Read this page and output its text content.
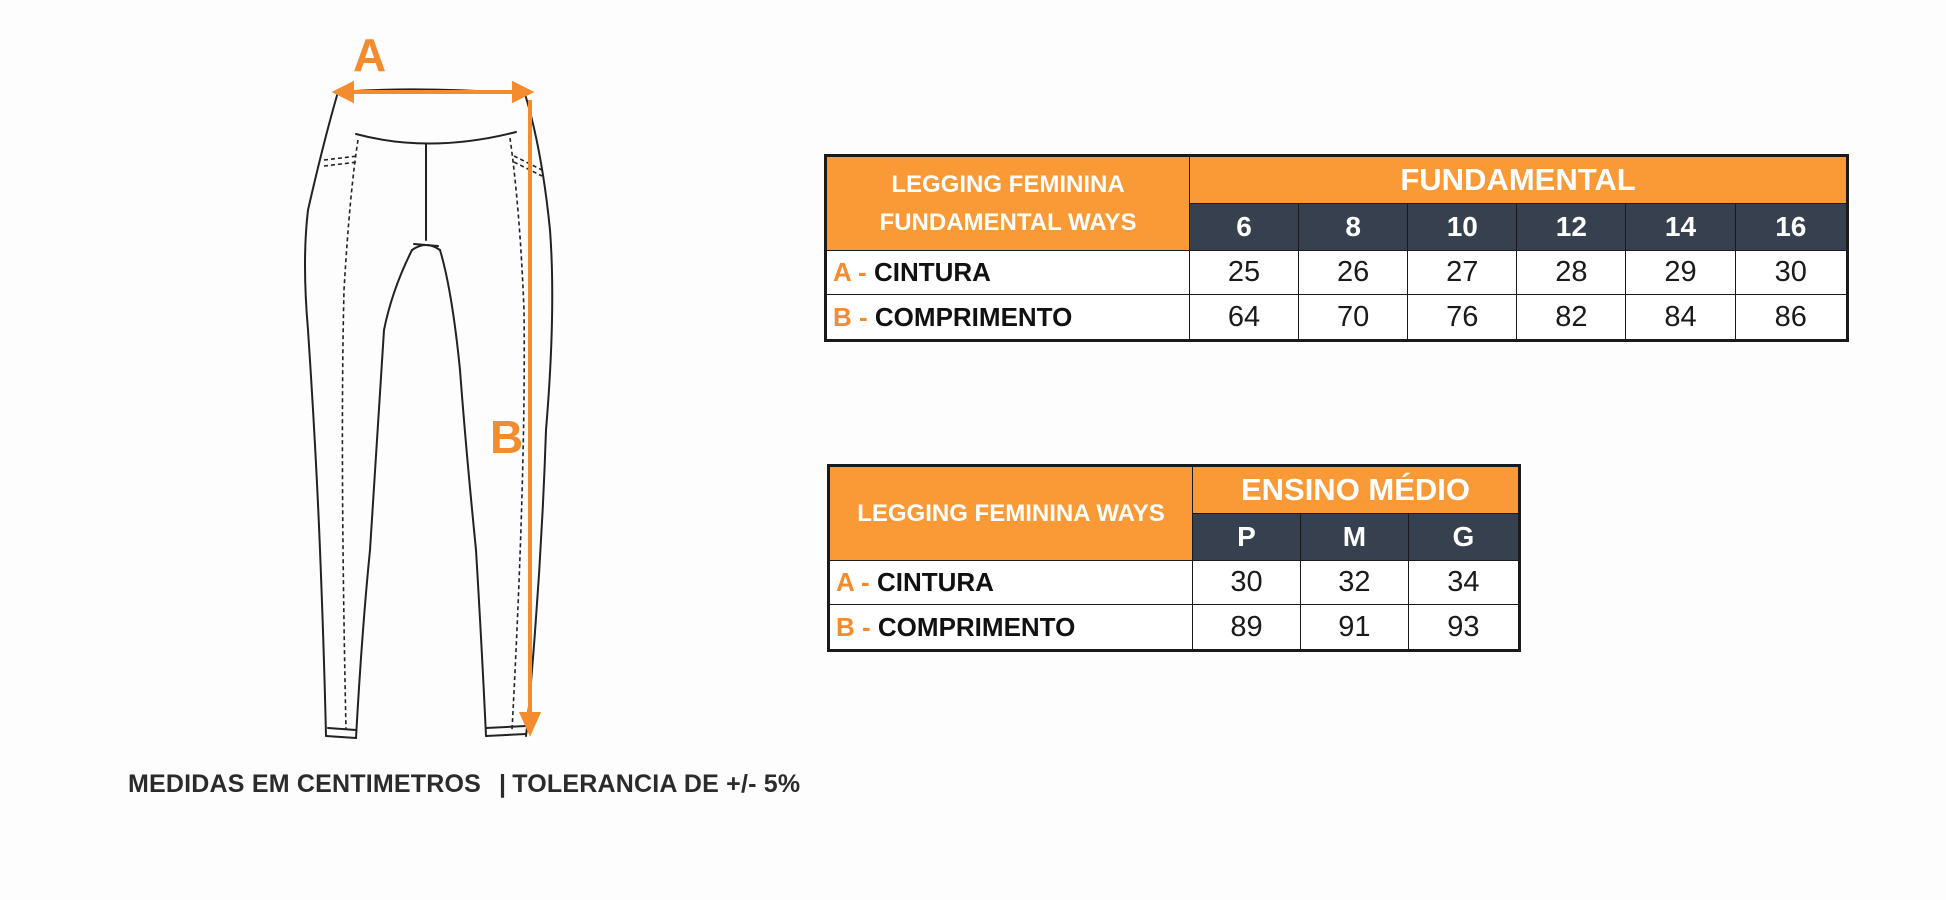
A
B
MEDIDAS EM CENTIMETROS | TOLERANCIA DE +/- 5%
LEGGING FEMININA
FUNDAMENTAL WAYS	FUNDAMENTAL					
	6	8	10	12	14	16
A - CINTURA	25	26	27	28	29	30
B - COMPRIMENTO	64	70	76	82	84	86
LEGGING FEMININA WAYS	ENSINO MÉDIO		
	P	M	G
A - CINTURA	30	32	34
B - COMPRIMENTO	89	91	93
